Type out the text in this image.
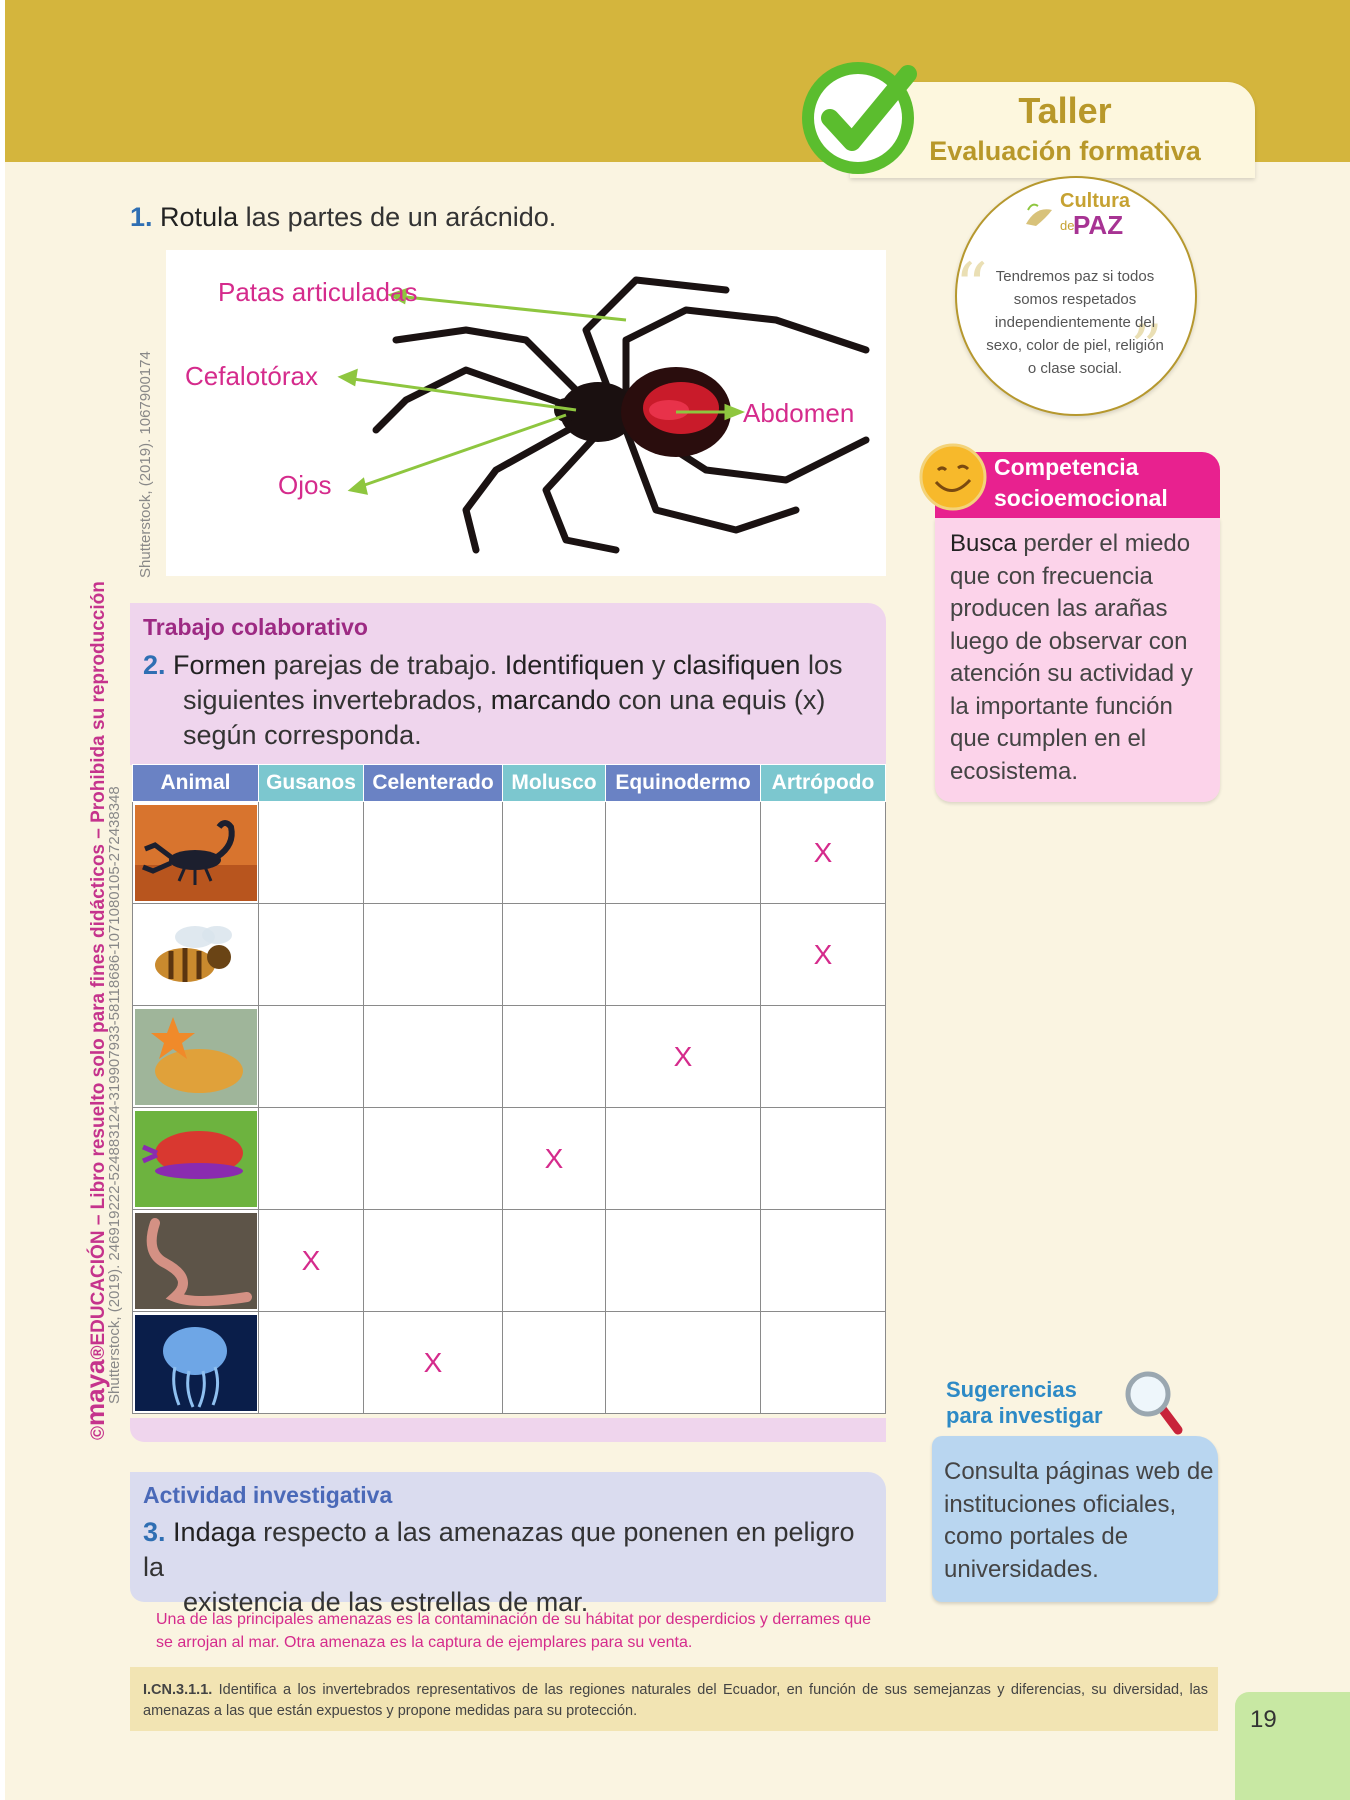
Taller
Evaluación formativa
1. Rotula las partes de un arácnido.
Patas articuladas
Cefalotórax
Ojos
Abdomen
Shutterstock, (2019). 1067900174
Cultura
de
PAZ
“
”
Tendremos paz si todos somos respetados independientemente del sexo, color de piel, religión o clase social.
Competencia
socioemocional
Busca perder el miedo que con frecuencia producen las arañas luego de observar con atención su actividad y la importante función que cumplen en el ecosistema.
Trabajo colaborativo
2. Formen parejas de trabajo. Identifiquen y clasifiquen los
siguientes invertebrados, marcando con una equis (x)
según corresponda.
Animal	Gusanos	Celenterado	Molusco	Equinodermo	Artrópodo

					X

					X

				X	

			X		

	X				

		X			
Actividad investigativa
3. Indaga respecto a las amenazas que ponenen en peligro la
existencia de las estrellas de mar.
Una de las principales amenazas es la contaminación de su hábitat por desperdicios y derrames que se arrojan al mar. Otra amenaza es la captura de ejemplares para su venta.
Sugerencias
para investigar
Consulta páginas web de instituciones oficiales, como portales de universidades.
I.CN.3.1.1. Identifica a los invertebrados representativos de las regiones naturales del Ecuador, en función de sus semejanzas y diferencias, su diversidad, las amenazas a las que están expuestos y propone medidas para su protección.	19
©maya®EDUCACIÓN – Libro resuelto solo para fines didácticos – Prohibida su reproducción
Shutterstock, (2019). 246919222-524883124-319907933-58118686-1071080105-272438348
